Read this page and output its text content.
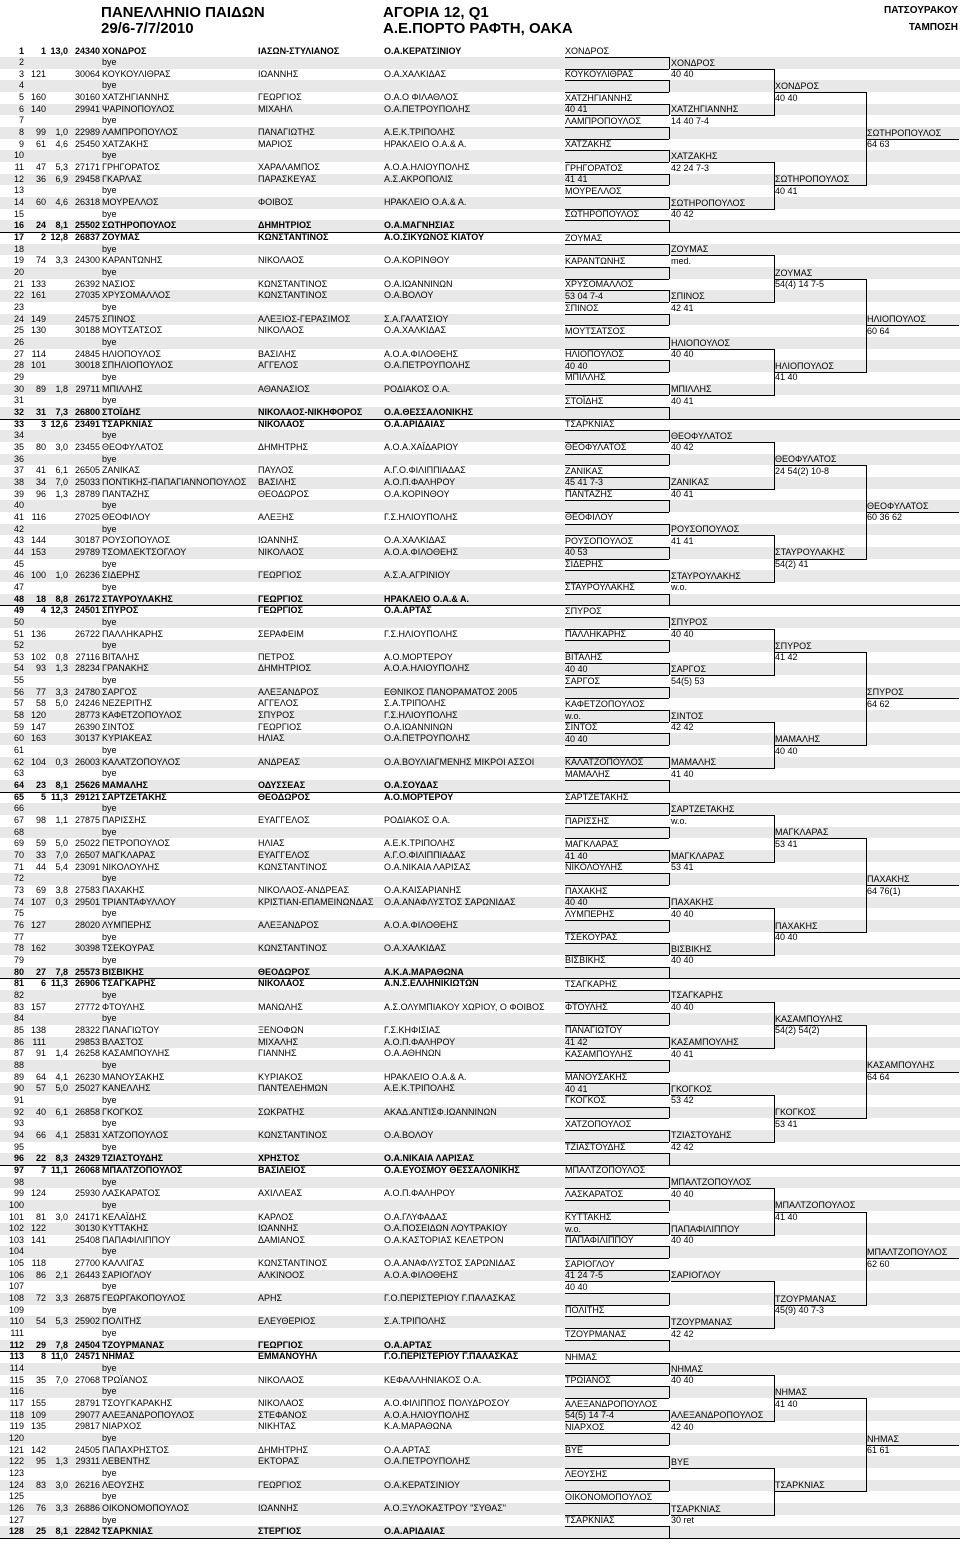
ΠΑΝΕΛΛΗΝΙΟ ΠΑΙΔΩΝ
29/6-7/7/2010
ΑΓΟΡΙΑ 12, Q1
Α.Ε.ΠΟΡΤΟ ΡΑΦΤΗ, ΟΑΚΑ
ΠΑΤΣΟΥΡΑΚΟΥ
ΤΑΜΠΟΣΗ
1	1 13,0 24340 ΧΟΝΔΡΟΣ	ΙΑΣΩΝ-ΣΤΥΛΙΑΝΟΣ	Ο.Α.ΚΕΡΑΤΣΙΝΙΟΥ
2	bye
3 121	30064 ΚΟΥΚΟΥΛΙΘΡΑΣ	ΙΩΑΝΝΗΣ	Ο.Α.ΧΑΛΚΙΔΑΣ
4	bye
5 160	30160 ΧΑΤΖΗΓΙΑΝΝΗΣ	ΓΕΩΡΓΙΟΣ	Ο.Α.Ο ΦΙΛΑΘΛΟΣ
6 140	29941 ΨΑΡΙΝΟΠΟΥΛΟΣ	ΜΙΧΑΗΛ	Ο.Α.ΠΕΤΡΟΥΠΟΛΗΣ
7	bye
8	99	1,0 22989 ΛΑΜΠΡΟΠΟΥΛΟΣ	ΠΑΝΑΓΙΩΤΗΣ	Α.Ε.Κ.ΤΡΙΠΟΛΗΣ
9	61	4,6 25450 ΧΑΤΖΑΚΗΣ	ΜΑΡΙΟΣ	ΗΡΑΚΛΕΙΟ Ο.Α.& Α.
10	bye
11	47	5,3 27171 ΓΡΗΓΟΡΑΤΟΣ	ΧΑΡΑΛΑΜΠΟΣ	Α.Ο.Α.ΗΛΙΟΥΠΟΛΗΣ
12	36	6,9 29458 ΓΚΑΡΛΑΣ	ΠΑΡΑΣΚΕΥΑΣ	Α.Σ.ΑΚΡΟΠΟΛΙΣ
13	bye
14	60	4,6 26318 ΜΟΥΡΕΛΛΟΣ	ΦΟΙΒΟΣ	ΗΡΑΚΛΕΙΟ Ο.Α.& Α.
15	bye
16	24	8,1 25502 ΣΩΤΗΡΟΠΟΥΛΟΣ	ΔΗΜΗΤΡΙΟΣ	Ο.Α.ΜΑΓΝΗΣΙΑΣ
17	2 12,8 26837 ΖΟΥΜΑΣ	ΚΩΝΣΤΑΝΤΙΝΟΣ	Α.Ο.ΣΙΚΥΩΝΟΣ ΚΙΑΤΟΥ
18	bye
19	74	3,3 24300 ΚΑΡΑΝΤΩΝΗΣ	ΝΙΚΟΛΑΟΣ	Ο.Α.ΚΟΡΙΝΘΟΥ
20	bye
21 133	26392 ΝΑΣΙΟΣ	ΚΩΝΣΤΑΝΤΙΝΟΣ	Ο.Α.ΙΩΑΝΝΙΝΩΝ
22 161	27035 ΧΡΥΣΟΜΑΛΛΟΣ	ΚΩΝΣΤΑΝΤΙΝΟΣ	Ο.Α.ΒΟΛΟΥ
23	bye
24 149	24575 ΣΠΙΝΟΣ	ΑΛΕΞΙΟΣ-ΓΕΡΑΣΙΜΟΣ	Σ.Α.ΓΑΛΑΤΣΙΟΥ
25 130	30188 ΜΟΥΤΣΑΤΣΟΣ	ΝΙΚΟΛΑΟΣ	Ο.Α.ΧΑΛΚΙΔΑΣ
26	bye
27 114	24845 ΗΛΙΟΠΟΥΛΟΣ	ΒΑΣΙΛΗΣ	Α.Ο.Α.ΦΙΛΟΘΕΗΣ
28 101	30018 ΣΠΗΛΙΟΠΟΥΛΟΣ	ΑΓΓΕΛΟΣ	Ο.Α.ΠΕΤΡΟΥΠΟΛΗΣ
29	bye
30	89	1,8 29711 ΜΠΙΛΛΗΣ	ΑΘΑΝΑΣΙΟΣ	ΡΟΔΙΑΚΟΣ Ο.Α.
31	bye
32	31	7,3 26800 ΣΤΟΪΔΗΣ	ΝΙΚΟΛΑΟΣ-ΝΙΚΗΦΟΡΟΣ	Ο.Α.ΘΕΣΣΑΛΟΝΙΚΗΣ
33	3 12,6 23491 ΤΣΑΡΚΝΙΑΣ	ΝΙΚΟΛΑΟΣ	Ο.Α.ΑΡΙΔΑΙΑΣ
34	bye
35	80	3,0 23455 ΘΕΟΦΥΛΑΤΟΣ	ΔΗΜΗΤΡΗΣ	Α.Ο.Α.ΧΑΪΔΑΡΙΟΥ
36	bye
37	41	6,1 26505 ΖΑΝΙΚΑΣ	ΠΑΥΛΟΣ	Α.Γ.Ο.ΦΙΛΙΠΠΙΑΔΑΣ
38	34	7,0 25033 ΠΟΝΤΙΚΗΣ-ΠΑΠΑΓΙΑΝΝΟΠΟΥΛΟΣ	ΒΑΣΙΛΗΣ	Α.Ο.Π.ΦΑΛΗΡΟΥ
39	96	1,3 28789 ΠΑΝΤΑΖΗΣ	ΘΕΟΔΩΡΟΣ	Ο.Α.ΚΟΡΙΝΘΟΥ
40	bye
41 116	27025 ΘΕΟΦΙΛΟΥ	ΑΛΕΞΗΣ	Γ.Σ.ΗΛΙΟΥΠΟΛΗΣ
42	bye
43 144	30187 ΡΟΥΣΟΠΟΥΛΟΣ	ΙΩΑΝΝΗΣ	Ο.Α.ΧΑΛΚΙΔΑΣ
44 153	29789 ΤΣΟΜΛΕΚΤΣΟΓΛΟΥ	ΝΙΚΟΛΑΟΣ	Α.Ο.Α.ΦΙΛΟΘΕΗΣ
45	bye
46 100	1,0 26236 ΣΙΔΕΡΗΣ	ΓΕΩΡΓΙΟΣ	Α.Σ.Α.ΑΓΡΙΝΙΟΥ
47	bye
48	18	8,8 26172 ΣΤΑΥΡΟΥΛΑΚΗΣ	ΓΕΩΡΓΙΟΣ	ΗΡΑΚΛΕΙΟ Ο.Α.& Α.
49	4 12,3 24501 ΣΠΥΡΟΣ	ΓΕΩΡΓΙΟΣ	Ο.Α.ΑΡΤΑΣ
50	bye
51 136	26722 ΠΑΛΛΗΚΑΡΗΣ	ΣΕΡΑΦΕΙΜ	Γ.Σ.ΗΛΙΟΥΠΟΛΗΣ
52	bye
53 102	0,8 27116 ΒΙΤΑΛΗΣ	ΠΕΤΡΟΣ	Α.Ο.ΜΟΡΤΕΡΟΥ
54	93	1,3 28234 ΓΡΑΝΑΚΗΣ	ΔΗΜΗΤΡΙΟΣ	Α.Ο.Α.ΗΛΙΟΥΠΟΛΗΣ
55	bye
56	77	3,3 24780 ΣΑΡΓΟΣ	ΑΛΕΞΑΝΔΡΟΣ	ΕΘΝΙΚΟΣ ΠΑΝΟΡΑΜΑΤΟΣ 2005
57	58	5,0 24246 ΝΕΖΕΡΙΤΗΣ	ΑΓΓΕΛΟΣ	Σ.Α.ΤΡΙΠΟΛΗΣ
58 120	28773 ΚΑΦΕΤΖΟΠΟΥΛΟΣ	ΣΠΥΡΟΣ	Γ.Σ.ΗΛΙΟΥΠΟΛΗΣ
59 147	26390 ΣΙΝΤΟΣ	ΓΕΩΡΓΙΟΣ	Ο.Α.ΙΩΑΝΝΙΝΩΝ
60 163	30137 ΚΥΡΙΑΚΕΑΣ	ΗΛΙΑΣ	Ο.Α.ΠΕΤΡΟΥΠΟΛΗΣ
61	bye
62 104	0,3 26003 ΚΑΛΑΤΖΟΠΟΥΛΟΣ	ΑΝΔΡΕΑΣ	Ο.Α.ΒΟΥΛΙΑΓΜΕΝΗΣ ΜΙΚΡΟΙ ΑΣΣΟΙ
63	bye
64	23	8,1 25626 ΜΑΜΑΛΗΣ	ΟΔΥΣΣΕΑΣ	Ο.Α.ΣΟΥΔΑΣ
65	5 11,3 29121 ΣΑΡΤΖΕΤΑΚΗΣ	ΘΕΟΔΩΡΟΣ	Α.Ο.ΜΟΡΤΕΡΟΥ
66	bye
67	98	1,1 27875 ΠΑΡΙΣΣΗΣ	ΕΥΑΓΓΕΛΟΣ	ΡΟΔΙΑΚΟΣ Ο.Α.
68	bye
69	59	5,0 25022 ΠΕΤΡΟΠΟΥΛΟΣ	ΗΛΙΑΣ	Α.Ε.Κ.ΤΡΙΠΟΛΗΣ
70	33	7,0 26507 ΜΑΓΚΛΑΡΑΣ	ΕΥΑΓΓΕΛΟΣ	Α.Γ.Ο.ΦΙΛΙΠΠΙΑΔΑΣ
71	44	5,4 23091 ΝΙΚΟΛΟΥΛΗΣ	ΚΩΝΣΤΑΝΤΙΝΟΣ	Ο.Α.ΝΙΚΑΙΑ ΛΑΡΙΣΑΣ
72	bye
73	69	3,8 27583 ΠΑΧΑΚΗΣ	ΝΙΚΟΛΑΟΣ-ΑΝΔΡΕΑΣ	Ο.Α.ΚΑΙΣΑΡΙΑΝΗΣ
74 107	0,3 29501 ΤΡΙΑΝΤΑΦΥΛΛΟΥ	ΚΡΙΣΤΙΑΝ-ΕΠΑΜΕΙΝΩΝΔΑΣ	Ο.Α.ΑΝΑΦΛΥΣΤΟΣ ΣΑΡΩΝΙΔΑΣ
75	bye
76 127	28020 ΛΥΜΠΕΡΗΣ	ΑΛΕΞΑΝΔΡΟΣ	Α.Ο.Α.ΦΙΛΟΘΕΗΣ
77	bye
78 162	30398 ΤΣΕΚΟΥΡΑΣ	ΚΩΝΣΤΑΝΤΙΝΟΣ	Ο.Α.ΧΑΛΚΙΔΑΣ
79	bye
80	27	7,8 25573 ΒΙΣΒΙΚΗΣ	ΘΕΟΔΩΡΟΣ	Α.Κ.Α.ΜΑΡΑΘΩΝΑ
81	6 11,3 26906 ΤΣΑΓΚΑΡΗΣ	ΝΙΚΟΛΑΟΣ	Α.Ν.Σ.ΕΛΛΗΝΙΚΙΩΤΩΝ
82	bye
83 157	27772 ΦΤΟΥΛΗΣ	ΜΑΝΩΛΗΣ	Α.Σ.ΟΛΥΜΠΙΑΚΟΥ ΧΩΡΙΟΥ, Ο ΦΟΙΒΟΣ
84	bye
85 138	28322 ΠΑΝΑΓΙΩΤΟΥ	ΞΕΝΟΦΩΝ	Γ.Σ.ΚΗΦΙΣΙΑΣ
86 111	29853 ΒΛΑΣΤΟΣ	ΜΙΧΑΛΗΣ	Α.Ο.Π.ΦΑΛΗΡΟΥ
87	91	1,4 26258 ΚΑΣΑΜΠΟΥΛΗΣ	ΓΙΑΝΝΗΣ	Ο.Α.ΑΘΗΝΩΝ
88	bye
89	64	4,1 26230 ΜΑΝΟΥΣΑΚΗΣ	ΚΥΡΙΑΚΟΣ	ΗΡΑΚΛΕΙΟ Ο.Α.& Α.
90	57	5,0 25027 ΚΑΝΕΛΛΗΣ	ΠΑΝΤΕΛΕΗΜΩΝ	Α.Ε.Κ.ΤΡΙΠΟΛΗΣ
91	bye
92	40	6,1 26858 ΓΚΟΓΚΟΣ	ΣΩΚΡΑΤΗΣ	ΑΚΑΔ.ΑΝΤΙΣΦ.ΙΩΑΝΝΙΝΩΝ
93	bye
94	66	4,1 25831 ΧΑΤΖΟΠΟΥΛΟΣ	ΚΩΝΣΤΑΝΤΙΝΟΣ	Ο.Α.ΒΟΛΟΥ
95	bye
96	22	8,3 24329 ΤΖΙΑΣΤΟΥΔΗΣ	ΧΡΗΣΤΟΣ	Ο.Α.ΝΙΚΑΙΑ ΛΑΡΙΣΑΣ
97	7 11,1 26068 ΜΠΑΛΤΖΟΠΟΥΛΟΣ	ΒΑΣΙΛΕΙΟΣ	Ο.Α.ΕΥΟΣΜΟΥ ΘΕΣΣΑΛΟΝΙΚΗΣ
98	bye
99 124	25930 ΛΑΣΚΑΡΑΤΟΣ	ΑΧΙΛΛΕΑΣ	Α.Ο.Π.ΦΑΛΗΡΟΥ
100	bye
101	81	3,0 24171 ΚΕΛΑΪΔΗΣ	ΚΑΡΛΟΣ	Ο.Α.ΓΛΥΦΑΔΑΣ
102 122	30130 ΚΥΤΤΑΚΗΣ	ΙΩΑΝΝΗΣ	Ο.Α.ΠΟΣΕΙΔΩΝ ΛΟΥΤΡΑΚΙΟΥ
103 141	25408 ΠΑΠΑΦΙΛΙΠΠΟΥ	ΔΑΜΙΑΝΟΣ	Ο.Α.ΚΑΣΤΟΡΙΑΣ ΚΕΛΕΤΡΟΝ
104	bye
105 118	27700 ΚΑΛΛΙΓΑΣ	ΚΩΝΣΤΑΝΤΙΝΟΣ	Ο.Α.ΑΝΑΦΛΥΣΤΟΣ ΣΑΡΩΝΙΔΑΣ
106	86	2,1 26443 ΣΑΡΙΟΓΛΟΥ	ΑΛΚΙΝΟΟΣ	Α.Ο.Α.ΦΙΛΟΘΕΗΣ
107	bye
108	72	3,3 26875 ΓΕΩΡΓΑΚΟΠΟΥΛΟΣ	ΑΡΗΣ	Γ.Ο.ΠΕΡΙΣΤΕΡΙΟΥ Γ.ΠΑΛΑΣΚΑΣ
109	bye
110	54	5,3 25902 ΠΟΛΙΤΗΣ	ΕΛΕΥΘΕΡΙΟΣ	Σ.Α.ΤΡΙΠΟΛΗΣ
111	bye
112	29	7,8 24504 ΤΖΟΥΡΜΑΝΑΣ	ΓΕΩΡΓΙΟΣ	Ο.Α.ΑΡΤΑΣ
113	8 11,0 24571 ΝΗΜΑΣ	ΕΜΜΑΝΟΥΗΛ	Γ.Ο.ΠΕΡΙΣΤΕΡΙΟΥ Γ.ΠΑΛΑΣΚΑΣ
114	bye
115	35	7,0 27068 ΤΡΩΪΑΝΟΣ	ΝΙΚΟΛΑΟΣ	ΚΕΦΑΛΛΗΝΙΑΚΟΣ Ο.Α.
116	bye
117 155	28791 ΤΣΟΥΓΚΑΡΑΚΗΣ	ΝΙΚΟΛΑΟΣ	Α.Ο.ΦΙΛΙΠΠΟΣ ΠΟΛΥΔΡΟΣΟΥ
118 109	29077 ΑΛΕΞΑΝΔΡΟΠΟΥΛΟΣ	ΣΤΕΦΑΝΟΣ	Α.Ο.Α.ΗΛΙΟΥΠΟΛΗΣ
119 135	29817 ΝΙΑΡΧΟΣ	ΝΙΚΗΤΑΣ	Κ.Α.ΜΑΡΑΘΩΝΑ
120	bye
121 142	24505 ΠΑΠΑΧΡΗΣΤΟΣ	ΔΗΜΗΤΡΗΣ	Ο.Α.ΑΡΤΑΣ
122	95	1,3 29311 ΛΕΒΕΝΤΗΣ	ΕΚΤΟΡΑΣ	Ο.Α.ΠΕΤΡΟΥΠΟΛΗΣ
123	bye
124	83	3,0 26216 ΛΕΟΥΣΗΣ	ΓΕΩΡΓΙΟΣ	Ο.Α.ΚΕΡΑΤΣΙΝΙΟΥ
125	bye
126	76	3,3 26886 ΟΙΚΟΝΟΜΟΠΟΥΛΟΣ	ΙΩΑΝΝΗΣ	Α.Ο.ΞΥΛΟΚΑΣΤΡΟΥ "ΣΥΘΑΣ"
127	bye
128	25	8,1 22842 ΤΣΑΡΚΝΙΑΣ	ΣΤΕΡΓΙΟΣ	Ο.Α.ΑΡΙΔΑΙΑΣ
ΧΟΝΔΡΟΣ
ΚΟΥΚΟΥΛΙΘΡΑΣ	40 40
ΧΑΤΖΗΓΙΑΝΝΗΣ
40 41
ΛΑΜΠΡΟΠΟΥΛΟΣ	14 40 7-4
ΧΑΤΖΑΚΗΣ
ΓΡΗΓΟΡΑΤΟΣ	42 24 7-3
41 41
ΜΟΥΡΕΛΛΟΣ
ΣΩΤΗΡΟΠΟΥΛΟΣ	40 42
ΖΟΥΜΑΣ
ΚΑΡΑΝΤΩΝΗΣ	med.
ΧΡΥΣΟΜΑΛΛΟΣ
53 04 7-4
ΣΠΙΝΟΣ	42 41
ΜΟΥΤΣΑΤΣΟΣ
ΗΛΙΟΠΟΥΛΟΣ	40 40
40 40
ΜΠΙΛΛΗΣ
ΣΤΟΪΔΗΣ	40 41
ΤΣΑΡΚΝΙΑΣ
ΘΕΟΦΥΛΑΤΟΣ	40 42
ΖΑΝΙΚΑΣ
45 41 7-3
ΠΑΝΤΑΖΗΣ	40 41
ΘΕΟΦΙΛΟΥ
ΡΟΥΣΟΠΟΥΛΟΣ	41 41
40 53
ΣΙΔΕΡΗΣ
ΣΤΑΥΡΟΥΛΑΚΗΣ	w.o.
ΣΠΥΡΟΣ
ΠΑΛΛΗΚΑΡΗΣ	40 40
ΒΙΤΑΛΗΣ
40 40
ΣΑΡΓΟΣ	54(5) 53
ΚΑΦΕΤΖΟΠΟΥΛΟΣ
w.o.
ΣΙΝΤΟΣ	42 42
40 40
ΚΑΛΑΤΖΟΠΟΥΛΟΣ
ΜΑΜΑΛΗΣ	41 40
ΣΑΡΤΖΕΤΑΚΗΣ
ΠΑΡΙΣΣΗΣ	w.o.
ΜΑΓΚΛΑΡΑΣ
41 40
ΝΙΚΟΛΟΥΛΗΣ	53 41
ΠΑΧΑΚΗΣ
40 40
ΛΥΜΠΕΡΗΣ	40 40
ΤΣΕΚΟΥΡΑΣ
ΒΙΣΒΙΚΗΣ	40 40
ΤΣΑΓΚΑΡΗΣ
ΦΤΟΥΛΗΣ	40 40
ΠΑΝΑΓΙΩΤΟΥ
41 42
ΚΑΣΑΜΠΟΥΛΗΣ	40 41
ΜΑΝΟΥΣΑΚΗΣ
40 41
ΓΚΟΓΚΟΣ	53 42
ΧΑΤΖΟΠΟΥΛΟΣ
ΤΖΙΑΣΤΟΥΔΗΣ	42 42
ΜΠΑΛΤΖΟΠΟΥΛΟΣ
ΛΑΣΚΑΡΑΤΟΣ	40 40
ΚΥΤΤΑΚΗΣ
w.o.
ΠΑΠΑΦΙΛΙΠΠΟΥ	40 40
ΣΑΡΙΟΓΛΟΥ
41 24 7-5
40 40
ΠΟΛΙΤΗΣ
ΤΖΟΥΡΜΑΝΑΣ	42 42
ΝΗΜΑΣ
ΤΡΩΪΑΝΟΣ	40 40
ΑΛΕΞΑΝΔΡΟΠΟΥΛΟΣ
54(5) 14 7-4
ΝΙΑΡΧΟΣ	42 40
ΒΥΕ
ΛΕΟΥΣΗΣ
ΟΙΚΟΝΟΜΟΠΟΥΛΟΣ
ΤΣΑΡΚΝΙΑΣ	30 ret
ΧΟΝΔΡΟΣ
ΧΑΤΖΗΓΙΑΝΝΗΣ
ΧΑΤΖΑΚΗΣ
ΣΩΤΗΡΟΠΟΥΛΟΣ
ΖΟΥΜΑΣ
ΣΠΙΝΟΣ
ΗΛΙΟΠΟΥΛΟΣ
ΜΠΙΛΛΗΣ
ΘΕΟΦΥΛΑΤΟΣ
ΖΑΝΙΚΑΣ
ΡΟΥΣΟΠΟΥΛΟΣ
ΣΤΑΥΡΟΥΛΑΚΗΣ
ΣΠΥΡΟΣ
ΣΑΡΓΟΣ
ΣΙΝΤΟΣ
ΜΑΜΑΛΗΣ
ΣΑΡΤΖΕΤΑΚΗΣ
ΜΑΓΚΛΑΡΑΣ
ΠΑΧΑΚΗΣ
ΒΙΣΒΙΚΗΣ
ΤΣΑΓΚΑΡΗΣ
ΚΑΣΑΜΠΟΥΛΗΣ
ΓΚΟΓΚΟΣ
ΤΖΙΑΣΤΟΥΔΗΣ
ΜΠΑΛΤΖΟΠΟΥΛΟΣ
ΠΑΠΑΦΙΛΙΠΠΟΥ
ΣΑΡΙΟΓΛΟΥ
ΤΖΟΥΡΜΑΝΑΣ
ΝΗΜΑΣ
ΑΛΕΞΑΝΔΡΟΠΟΥΛΟΣ
ΒΥΕ
ΤΣΑΡΚΝΙΑΣ
ΧΟΝΔΡΟΣ
40 40
ΣΩΤΗΡΟΠΟΥΛΟΣ
40 41
ΖΟΥΜΑΣ
54(4) 14 7-5
ΗΛΙΟΠΟΥΛΟΣ
41 40
ΘΕΟΦΥΛΑΤΟΣ
24 54(2) 10-8
ΣΤΑΥΡΟΥΛΑΚΗΣ
54(2) 41
ΣΠΥΡΟΣ
41 42
ΜΑΜΑΛΗΣ
40 40
ΜΑΓΚΛΑΡΑΣ
53 41
ΠΑΧΑΚΗΣ
40 40
ΚΑΣΑΜΠΟΥΛΗΣ
54(2) 54(2)
ΓΚΟΓΚΟΣ
53 41
ΜΠΑΛΤΖΟΠΟΥΛΟΣ
41 40
ΤΖΟΥΡΜΑΝΑΣ
45(9) 40 7-3
ΝΗΜΑΣ
41 40
ΤΣΑΡΚΝΙΑΣ
ΣΩΤΗΡΟΠΟΥΛΟΣ
64 63
ΗΛΙΟΠΟΥΛΟΣ
60 64
ΘΕΟΦΥΛΑΤΟΣ
60 36 62
ΣΠΥΡΟΣ
64 62
ΠΑΧΑΚΗΣ
64 76(1)
ΚΑΣΑΜΠΟΥΛΗΣ
64 64
ΜΠΑΛΤΖΟΠΟΥΛΟΣ
62 60
ΝΗΜΑΣ
61 61
